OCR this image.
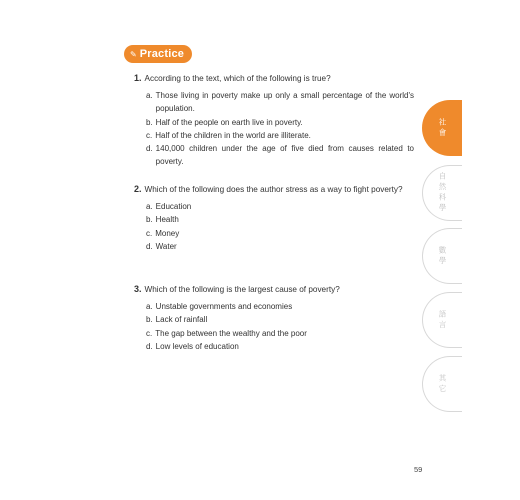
✎ Practice
1. According to the text, which of the following is true?
a. Those living in poverty make up only a small percentage of the world's population.
b. Half of the people on earth live in poverty.
c. Half of the children in the world are illiterate.
d. 140,000 children under the age of five died from causes related to poverty.
2. Which of the following does the author stress as a way to fight poverty?
a. Education
b. Health
c. Money
d. Water
3. Which of the following is the largest cause of poverty?
a. Unstable governments and economies
b. Lack of rainfall
c. The gap between the wealthy and the poor
d. Low levels of education
社會
自然科學
數學
語言
其它
59
